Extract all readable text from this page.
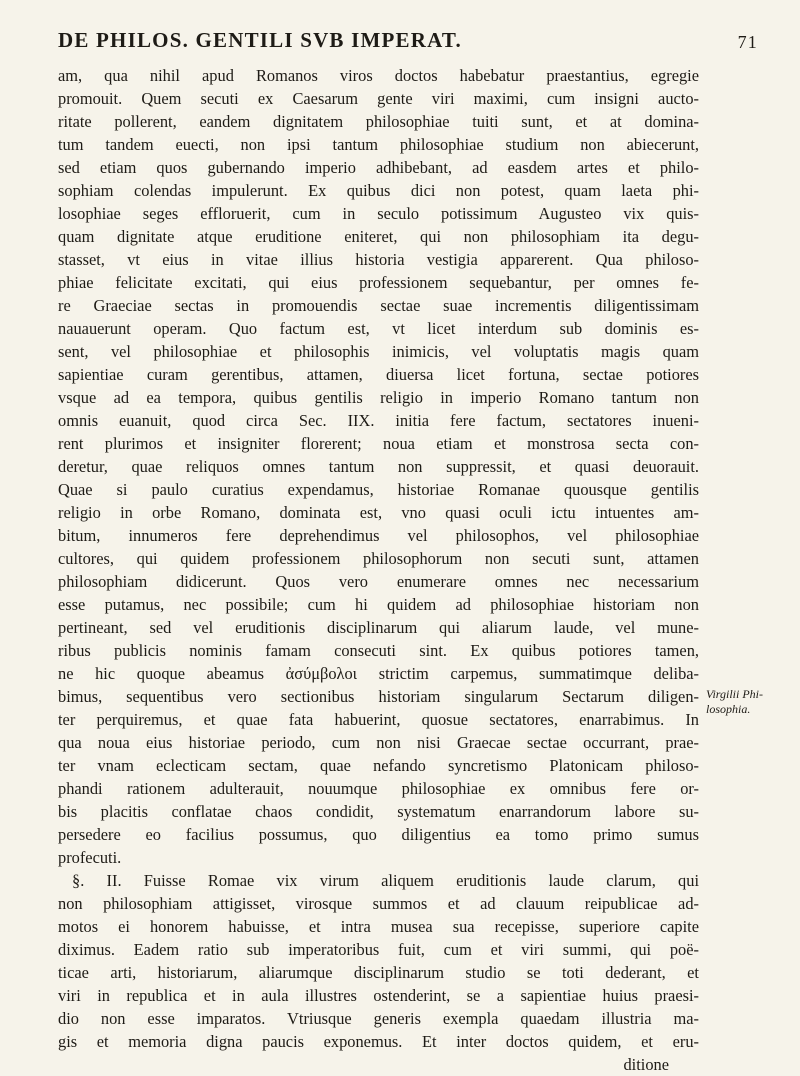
DE PHILOS. GENTILI SVB IMPERAT.	71
am, qua nihil apud Romanos viros doctos habebatur praestantius, egregie
promouit. Quem secuti ex Caesarum gente viri maximi, cum insigni aucto-
ritate pollerent, eandem dignitatem philosophiae tuiti sunt, et at domina-
tum tandem euecti, non ipsi tantum philosophiae studium non abiecerunt,
sed etiam quos gubernando imperio adhibebant, ad easdem artes et philo-
sophiam colendas impulerunt. Ex quibus dici non potest, quam laeta phi-
losophiae seges effloruerit, cum in seculo potissimum Augusteo vix quis-
quam dignitate atque eruditione eniteret, qui non philosophiam ita degu-
stasset, vt eius in vitae illius historia vestigia apparerent. Qua philoso-
phiae felicitate excitati, qui eius professionem sequebantur, per omnes fe-
re Graeciae sectas in promouendis sectae suae incrementis diligentissimam
nauauerunt operam. Quo factum est, vt licet interdum sub dominis es-
sent, vel philosophiae et philosophis inimicis, vel voluptatis magis quam
sapientiae curam gerentibus, attamen, diuersa licet fortuna, sectae potiores
vsque ad ea tempora, quibus gentilis religio in imperio Romano tantum non
omnis euanuit, quod circa Sec. IIX. initia fere factum, sectatores inueni-
rent plurimos et insigniter florerent; noua etiam et monstrosa secta con-
deretur, quae reliquos omnes tantum non suppressit, et quasi deuorauit.
Quae si paulo curatius expendamus, historiae Romanae quousque gentilis
religio in orbe Romano, dominata est, vno quasi oculi ictu intuentes am-
bitum, innumeros fere deprehendimus vel philosophos, vel philosophiae
cultores, qui quidem professionem philosophorum non secuti sunt, attamen
philosophiam didicerunt. Quos vero enumerare omnes nec necessarium
esse putamus, nec possibile; cum hi quidem ad philosophiae historiam non
pertineant, sed vel eruditionis disciplinarum qui aliarum laude, vel mune-
ribus publicis nominis famam consecuti sint. Ex quibus potiores tamen,
ne hic quoque abeamus ἀσύμβολοι strictim carpemus, summatimque deliba-
bimus, sequentibus vero sectionibus historiam singularum Sectarum diligen-
ter perquiremus, et quae fata habuerint, quosue sectatores, enarrabimus. In
qua noua eius historiae periodo, cum non nisi Graecae sectae occurrant, prae-
ter vnam eclecticam sectam, quae nefando syncretismo Platonicam philoso-
phandi rationem adulterauit, nouumque philosophiae ex omnibus fere or-
bis placitis conflatae chaos condidit, systematum enarrandorum labore su-
persedere eo facilius possumus, quo diligentius ea tomo primo sumus
profecuti.
§. II. Fuisse Romae vix virum aliquem eruditionis laude clarum, qui
non philosophiam attigisset, virosque summos et ad clauum reipublicae ad-
motos ei honorem habuisse, et intra musea sua recepisse, superiore capite
diximus. Eadem ratio sub imperatoribus fuit, cum et viri summi, qui poë-
ticae arti, historiarum, aliarumque disciplinarum studio se toti dederant, et
viri in republica et in aula illustres ostenderint, se a sapientiae huius praesi-
dio non esse imparatos. Vtriusque generis exempla quaedam illustria ma-
gis et memoria digna paucis exponemus. Et inter doctos quidem, et eru-
ditione
Virgilii Phi-
losophia.
